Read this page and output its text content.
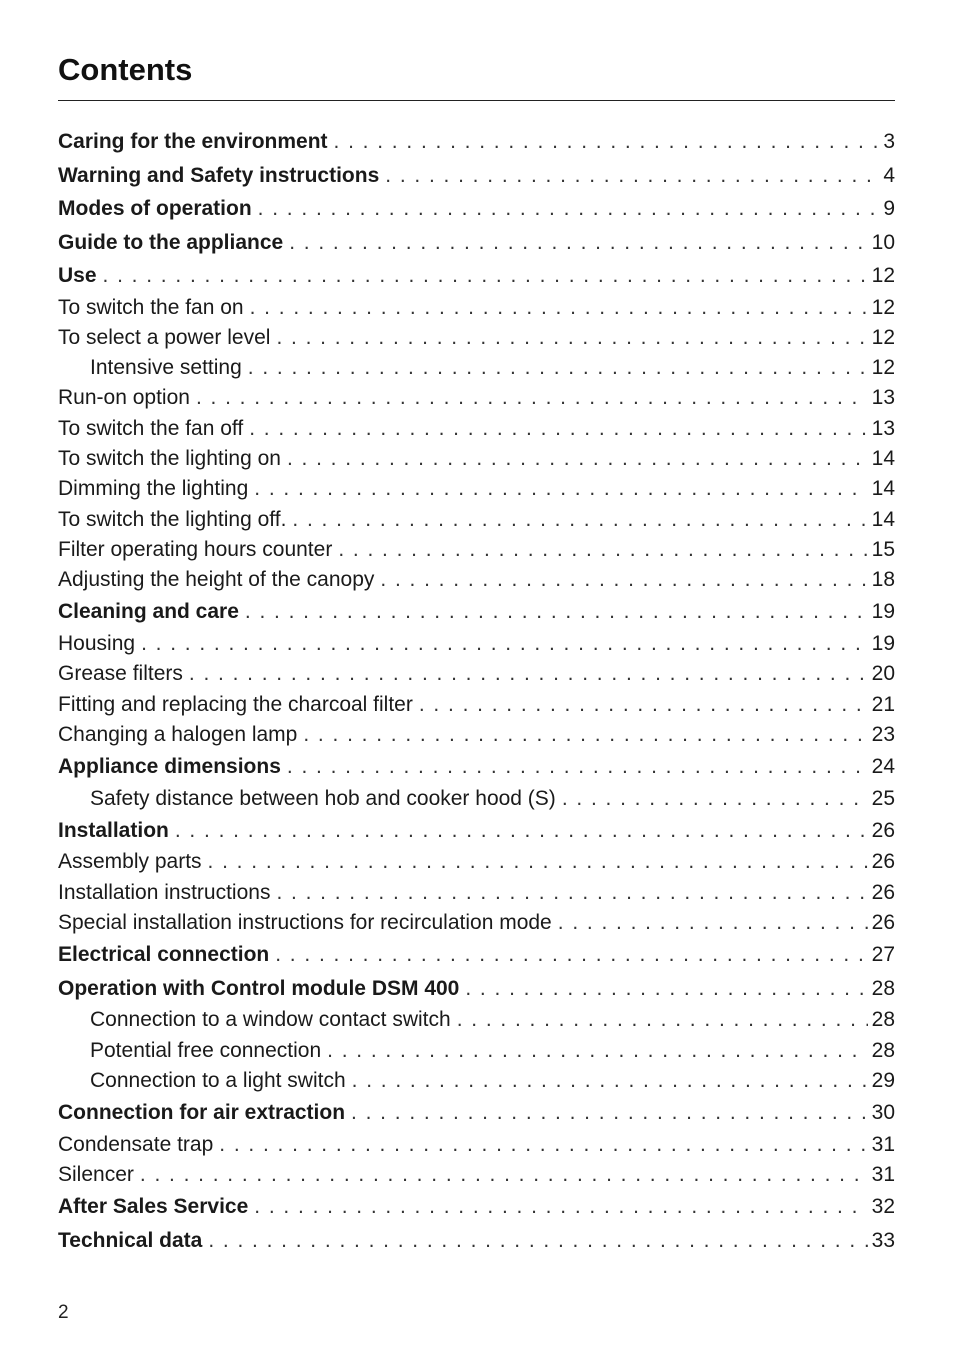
Contents
Caring for the environment . . .	3
Warning and Safety instructions . . .	4
Modes of operation . . .	9
Guide to the appliance . . .	10
Use . . .	12
To switch the fan on . . .	12
To select a power level . . .	12
Intensive setting . . .	12
Run-on option . . .	13
To switch the fan off . . .	13
To switch the lighting on . . .	14
Dimming the lighting . . .	14
To switch the lighting off. . . .	14
Filter operating hours counter . . .	15
Adjusting the height of the canopy . . .	18
Cleaning and care . . .	19
Housing . . .	19
Grease filters . . .	20
Fitting and replacing the charcoal filter . . .	21
Changing a halogen lamp . . .	23
Appliance dimensions . . .	24
Safety distance between hob and cooker hood (S) . . .	25
Installation . . .	26
Assembly parts . . .	26
Installation instructions . . .	26
Special installation instructions for recirculation mode . . .	26
Electrical connection . . .	27
Operation with Control module DSM 400 . . .	28
Connection to a window contact switch . . .	28
Potential free connection . . .	28
Connection to a light switch . . .	29
Connection for air extraction . . .	30
Condensate trap . . .	31
Silencer . . .	31
After Sales Service . . .	32
Technical data . . .	33
2
